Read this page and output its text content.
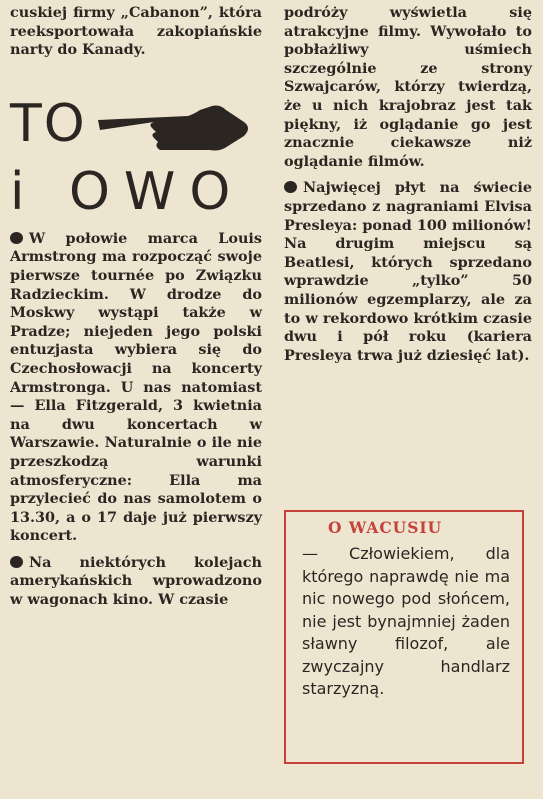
cuskiej firmy „Cabanon”, która reeksportowała zakopiańskie narty do Kanady.

TO
i OWO

W połowie marca Louis Armstrong ma rozpocząć swoje pierwsze tournée po Związku Radzieckim. W drodze do Moskwy wystąpi także w Pradze; niejeden jego polski entuzjasta wybiera się do Czechosłowacji na koncerty Armstronga. U nas natomiast — Ella Fitzgerald, 3 kwietnia na dwu koncertach w Warszawie. Naturalnie o ile nie przeszkodzą warunki atmosferyczne: Ella ma przylecieć do nas samolotem o 13.30, a o 17 daje już pierwszy koncert.

Na niektórych kolejach amerykańskich wprowadzono w wagonach kino. W czasie

podróży wyświetla się atrakcyjne filmy. Wywołało to pobłażliwy uśmiech szczególnie ze strony Szwajcarów, którzy twierdzą, że u nich krajobraz jest tak piękny, iż oglądanie go jest znacznie ciekawsze niż oglądanie filmów.

Najwięcej płyt na świecie sprzedano z nagraniami Elvisa Presleya: ponad 100 milionów! Na drugim miejscu są Beatlesi, których sprzedano wprawdzie „tylko” 50 milionów egzemplarzy, ale za to w rekordowo krótkim czasie dwu i pół roku (kariera Presleya trwa już dziesięć lat).

O WACUSIU

— Człowiekiem, dla którego naprawdę nie ma nic nowego pod słońcem, nie jest bynajmniej żaden sławny filozof, ale zwyczajny handlarz starzyzną.
